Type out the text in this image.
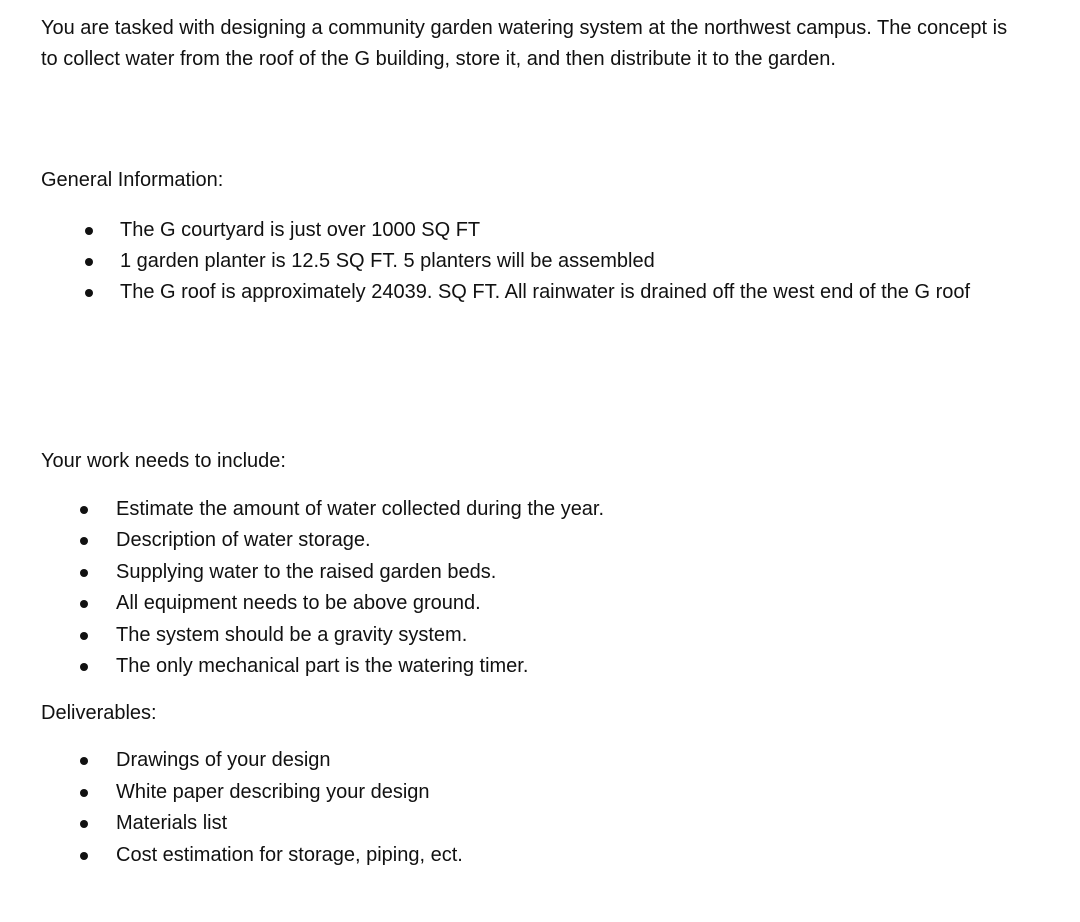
You are tasked with designing a community garden watering system at the northwest campus. The concept is to collect water from the roof of the G building, store it, and then distribute it to the garden.

General Information:

The G courtyard is just over 1000 SQ FT
1 garden planter is 12.5 SQ FT. 5 planters will be assembled
The G roof is approximately 24039. SQ FT. All rainwater is drained off the west end of the G roof

Your work needs to include:

Estimate the amount of water collected during the year.
Description of water storage.
Supplying water to the raised garden beds.
All equipment needs to be above ground.
The system should be a gravity system.
The only mechanical part is the watering timer.

Deliverables:

Drawings of your design
White paper describing your design
Materials list
Cost estimation for storage, piping, ect.
